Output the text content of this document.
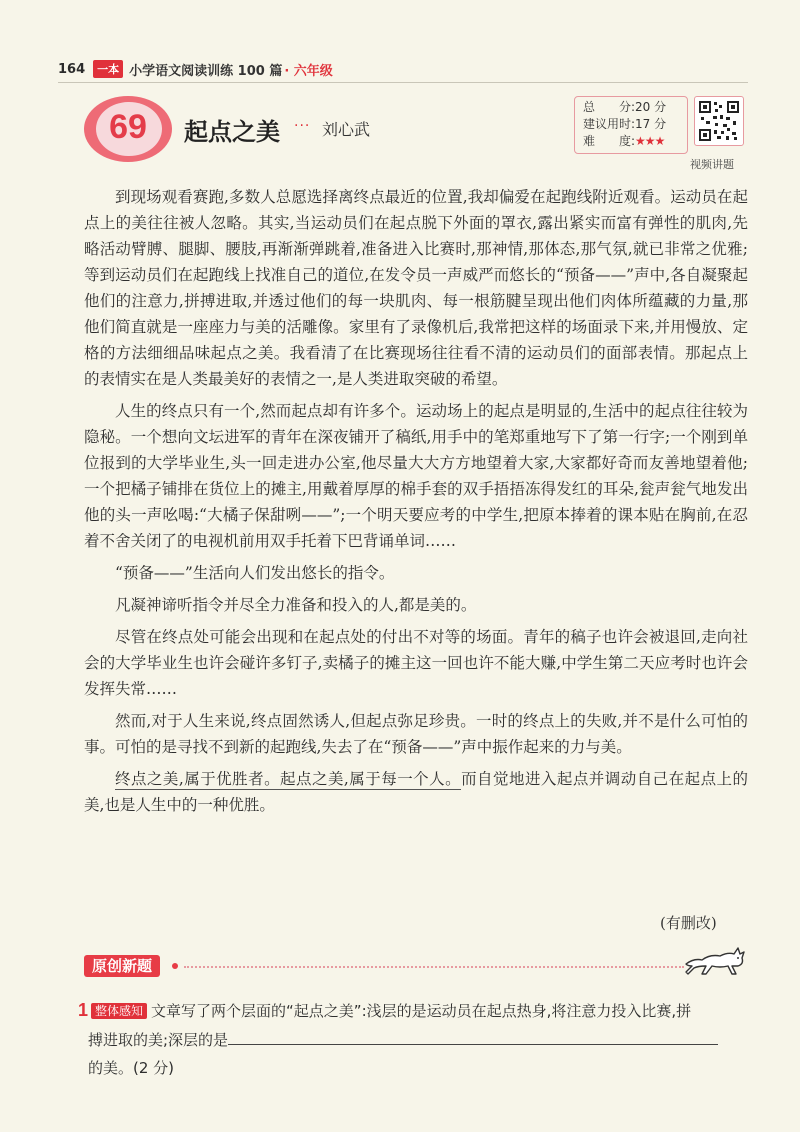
164	一本 小学语文阅读训练 100 篇 · 六年级
69	起点之美 ··· 刘心武
总　　分:20 分
建议用时:17 分
难　　度:★★★
视频讲题

到现场观看赛跑,多数人总愿选择离终点最近的位置,我却偏爱在起跑线附近观看。运动员在起点上的美往往被人忽略。其实,当运动员们在起点脱下外面的罩衣,露出紧实而富有弹性的肌肉,先略活动臂膊、腿脚、腰肢,再渐渐弹跳着,准备进入比赛时,那神情,那体态,那气氛,就已非常之优雅;等到运动员们在起跑线上找准自己的道位,在发令员一声威严而悠长的“预备——”声中,各自凝聚起他们的注意力,拼搏进取,并透过他们的每一块肌肉、每一根筋腱呈现出他们肉体所蕴藏的力量,那他们简直就是一座座力与美的活雕像。家里有了录像机后,我常把这样的场面录下来,并用慢放、定格的方法细细品味起点之美。我看清了在比赛现场往往看不清的运动员们的面部表情。那起点上的表情实在是人类最美好的表情之一,是人类进取突破的希望。

人生的终点只有一个,然而起点却有许多个。运动场上的起点是明显的,生活中的起点往往较为隐秘。一个想向文坛进军的青年在深夜铺开了稿纸,用手中的笔郑重地写下了第一行字;一个刚到单位报到的大学毕业生,头一回走进办公室,他尽量大大方方地望着大家,大家都好奇而友善地望着他;一个把橘子铺排在货位上的摊主,用戴着厚厚的棉手套的双手捂捂冻得发红的耳朵,瓮声瓮气地发出他的头一声吆喝:“大橘子保甜咧——”;一个明天要应考的中学生,把原本捧着的课本贴在胸前,在忍着不舍关闭了的电视机前用双手托着下巴背诵单词……

“预备——”生活向人们发出悠长的指令。

凡凝神谛听指令并尽全力准备和投入的人,都是美的。

尽管在终点处可能会出现和在起点处的付出不对等的场面。青年的稿子也许会被退回,走向社会的大学毕业生也许会碰许多钉子,卖橘子的摊主这一回也许不能大赚,中学生第二天应考时也许会发挥失常……

然而,对于人生来说,终点固然诱人,但起点弥足珍贵。一时的终点上的失败,并不是什么可怕的事。可怕的是寻找不到新的起跑线,失去了在“预备——”声中振作起来的力与美。

终点之美,属于优胜者。起点之美,属于每一个人。而自觉地进入起点并调动自己在起点上的美,也是人生中的一种优胜。

(有删改)
原创新题
1 整体感知 文章写了两个层面的“起点之美”:浅层的是运动员在起点热身,将注意力投入比赛,拼
搏进取的美;深层的是
的美。(2 分)
